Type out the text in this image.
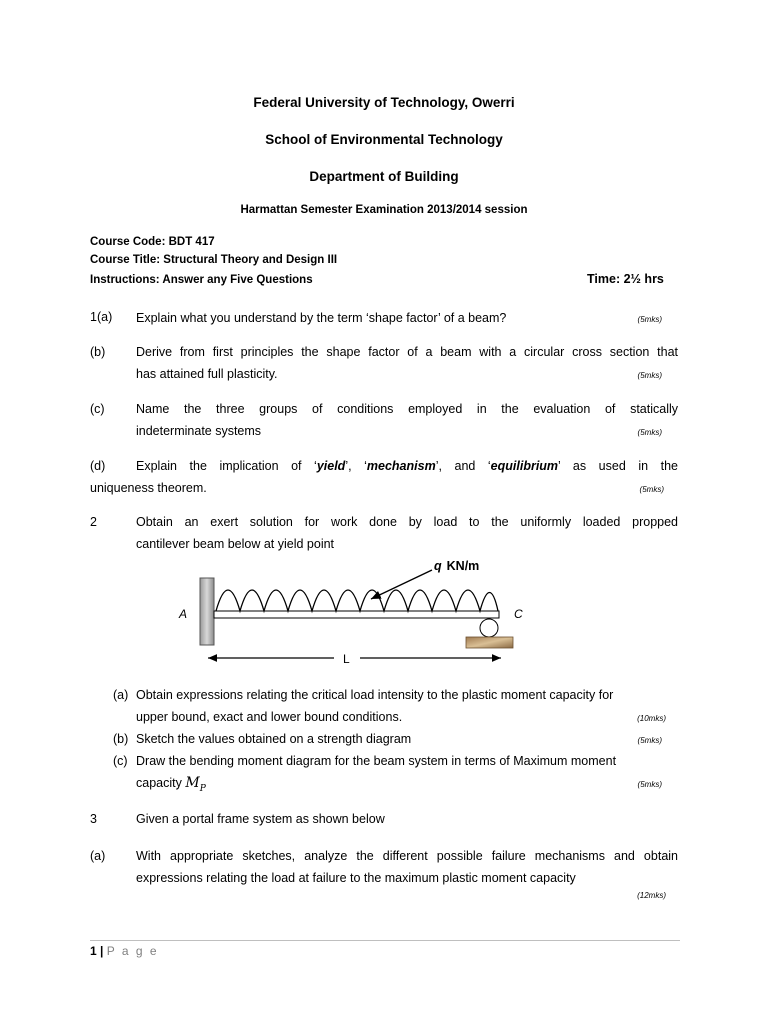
Federal University of Technology, Owerri
School of Environmental Technology
Department of Building
Harmattan Semester Examination 2013/2014 session
Course Code: BDT 417
Course Title: Structural Theory and Design III
Instructions: Answer any Five Questions	Time: 2½ hrs
1(a) Explain what you understand by the term ‘shape factor’ of a beam?	(5mks)
(b) Derive from first principles the shape factor of a beam with a circular cross section that
has attained full plasticity.	(5mks)
(c)	Name the three groups of conditions employed in the evaluation of statically
indeterminate systems	(5mks)
(d) Explain the implication of ‘yield’, ‘mechanism’, and ‘equilibrium’ as used in the
uniqueness theorem.	(5mks)
2	Obtain an exert solution for work done by load to the uniformly loaded propped
cantilever beam below at yield point
q KN/m
A	C
L
(a) Obtain expressions relating the critical load intensity to the plastic moment capacity for
upper bound, exact and lower bound conditions.	(10mks)
(b) Sketch the values obtained on a strength diagram	(5mks)
(c) Draw the bending moment diagram for the beam system in terms of Maximum moment
capacity $M_P$	(5mks)
3	Given a portal frame system as shown below
(a) With appropriate sketches, analyze the different possible failure mechanisms and obtain
expressions relating the load at failure to the maximum plastic moment capacity
(12mks)
1 | P a g e
